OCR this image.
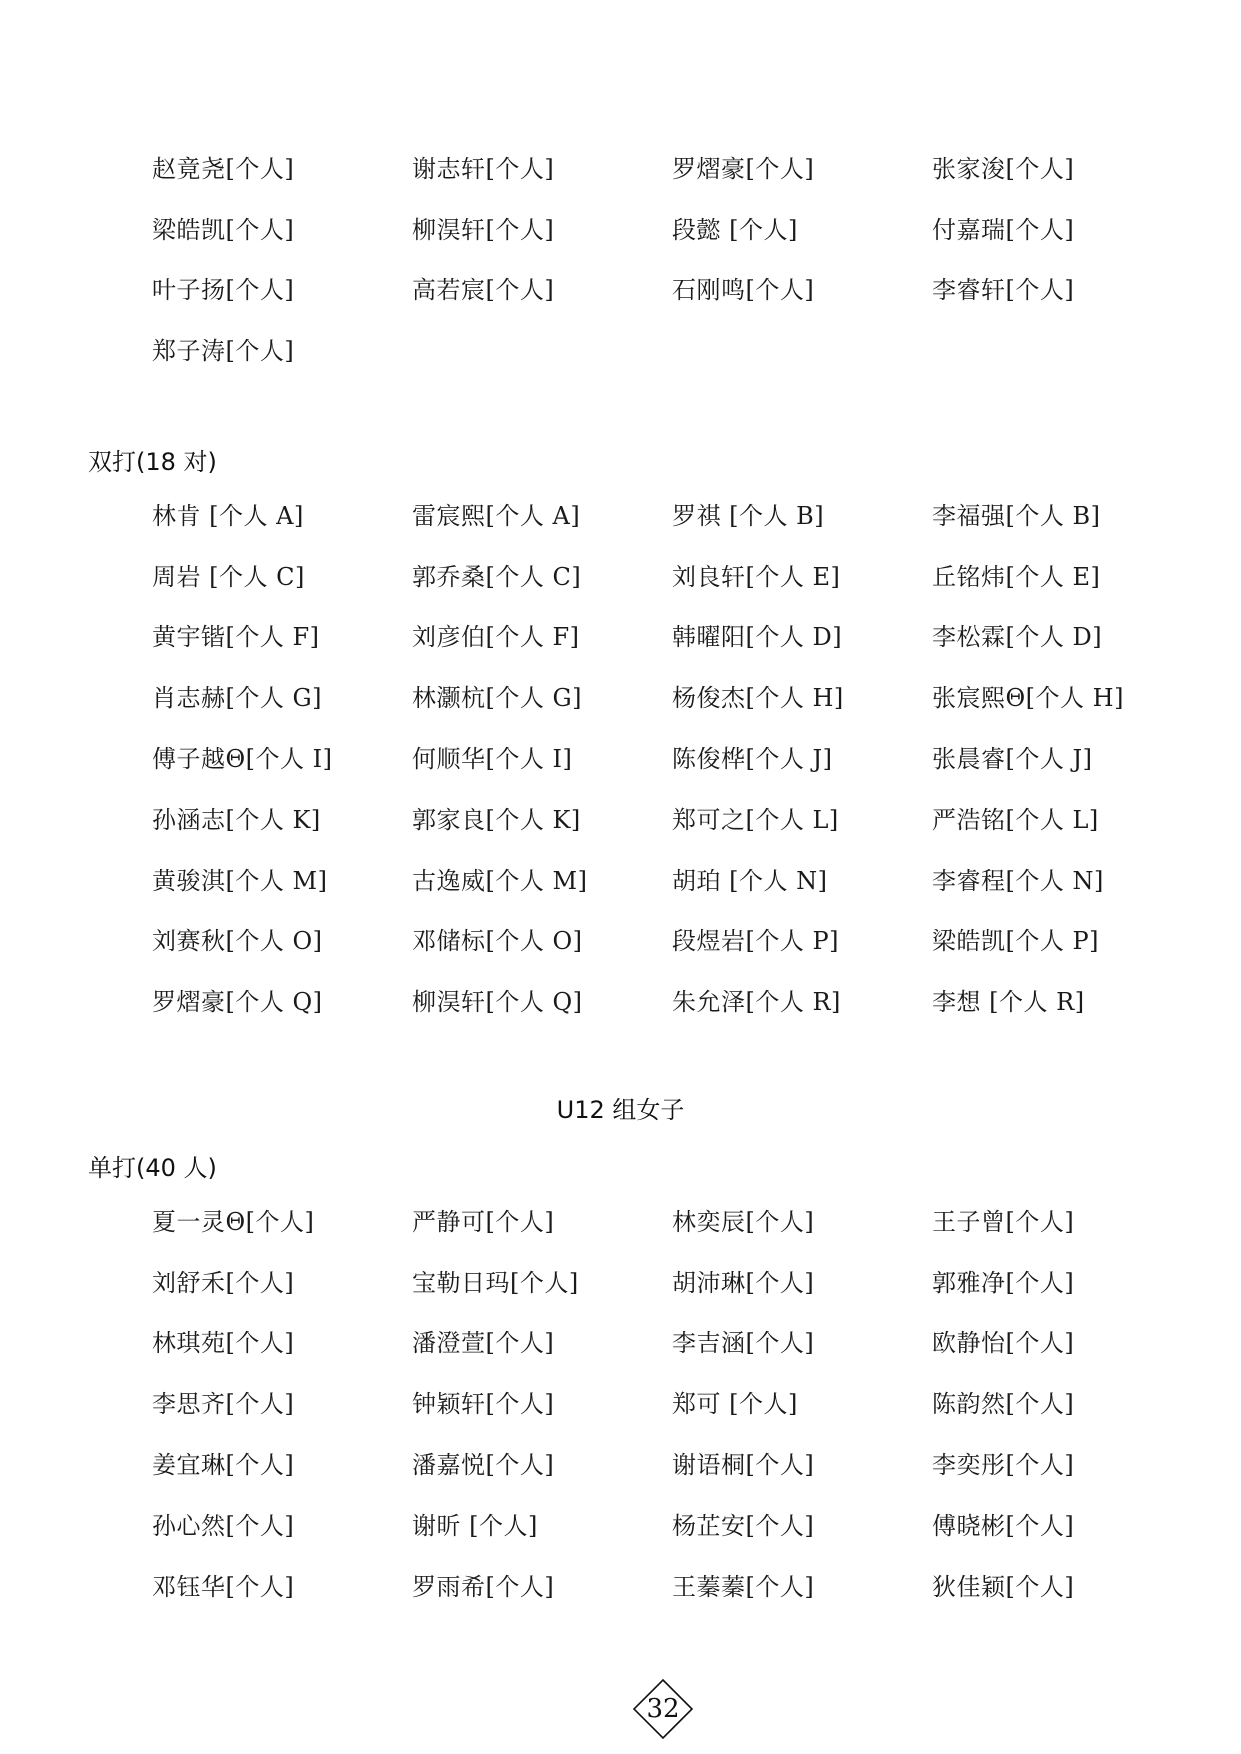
赵竟尧[个人]	谢志轩[个人]	罗熠豪[个人]	张家浚[个人]
梁皓凯[个人]	柳淏轩[个人]	段懿 [个人]	付嘉瑞[个人]
叶子扬[个人]	高若宸[个人]	石刚鸣[个人]	李睿轩[个人]
郑子涛[个人]
双打(18 对)
林肯 [个人 A]	雷宸熙[个人 A]	罗祺 [个人 B]	李福强[个人 B]
周岩 [个人 C]	郭乔桑[个人 C]	刘良轩[个人 E]	丘铭炜[个人 E]
黄宇锴[个人 F]	刘彦伯[个人 F]	韩曜阳[个人 D]	李松霖[个人 D]
肖志赫[个人 G]	林灏杭[个人 G]	杨俊杰[个人 H]	张宸熙Θ[个人 H]
傅子越Θ[个人 I]	何顺华[个人 I]	陈俊桦[个人 J]	张晨睿[个人 J]
孙涵志[个人 K]	郭家良[个人 K]	郑可之[个人 L]	严浩铭[个人 L]
黄骏淇[个人 M]	古逸威[个人 M]	胡珀 [个人 N]	李睿程[个人 N]
刘赛秋[个人 O]	邓储标[个人 O]	段煜岩[个人 P]	梁皓凯[个人 P]
罗熠豪[个人 Q]	柳淏轩[个人 Q]	朱允泽[个人 R]	李想 [个人 R]
U12 组女子
单打(40 人)
夏一灵Θ[个人]	严静可[个人]	林奕辰[个人]	王子曾[个人]
刘舒禾[个人]	宝勒日玛[个人]	胡沛琳[个人]	郭雅净[个人]
林琪苑[个人]	潘澄萱[个人]	李吉涵[个人]	欧静怡[个人]
李思齐[个人]	钟颖轩[个人]	郑可 [个人]	陈韵然[个人]
姜宜琳[个人]	潘嘉悦[个人]	谢语桐[个人]	李奕彤[个人]
孙心然[个人]	谢昕 [个人]	杨芷安[个人]	傅晓彬[个人]
邓钰华[个人]	罗雨希[个人]	王蓁蓁[个人]	狄佳颖[个人]
32
